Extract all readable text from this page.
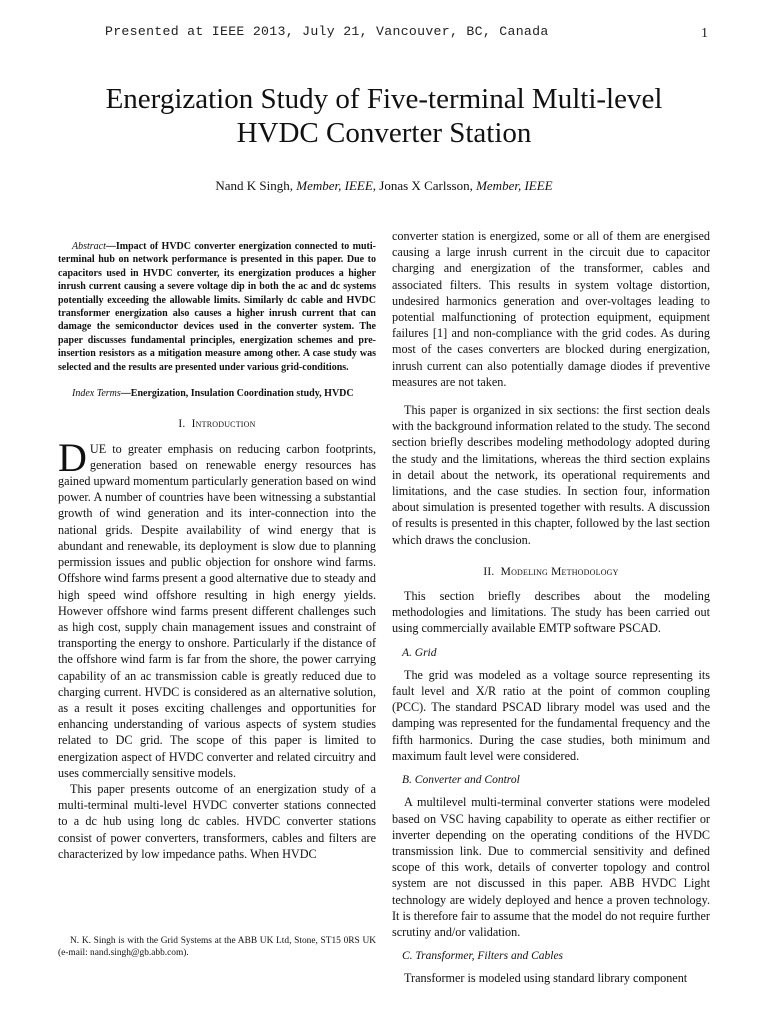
Presented at IEEE 2013, July 21, Vancouver, BC, Canada	1
Energization Study of Five-terminal Multi-level
HVDC Converter Station
Nand K Singh, Member, IEEE, Jonas X Carlsson, Member, IEEE

Abstract—Impact of HVDC converter energization connected to muti-terminal hub on network performance is presented in this paper. Due to capacitors used in HVDC converter, its energization produces a higher inrush current causing a severe voltage dip in both the ac and dc systems potentially exceeding the allowable limits. Similarly dc cable and HVDC transformer energization also causes a higher inrush current that can damage the semiconductor devices used in the converter system. The paper discusses fundamental principles, energization schemes and pre-insertion resistors as a mitigation measure among other. A case study was selected and the results are presented under various grid-conditions.

Index Terms—Energization, Insulation Coordination study, HVDC

I. Introduction

DUE to greater emphasis on reducing carbon footprints, generation based on renewable energy resources has gained upward momentum particularly generation based on wind power. A number of countries have been witnessing a substantial growth of wind generation and its inter-connection into the national grids. Despite availability of wind energy that is abundant and renewable, its deployment is slow due to planning permission issues and public objection for onshore wind farms. Offshore wind farms present a good alternative due to steady and high speed wind offshore resulting in high energy yields. However offshore wind farms present different challenges such as high cost, supply chain management issues and constraint of transporting the energy to onshore. Particularly if the distance of the offshore wind farm is far from the shore, the power carrying capability of an ac transmission cable is greatly reduced due to charging current. HVDC is considered as an alternative solution, as a result it poses exciting challenges and opportunities for enhancing understanding of various aspects of system studies related to DC grid. The scope of this paper is limited to energization aspect of HVDC converter and related circuitry and uses commercially sensitive models.

This paper presents outcome of an energization study of a multi-terminal multi-level HVDC converter stations connected to a dc hub using long dc cables. HVDC converter stations consist of power converters, transformers, cables and filters are characterized by low impedance paths. When HVDC

converter station is energized, some or all of them are energised causing a large inrush current in the circuit due to capacitor charging and energization of the transformer, cables and associated filters. This results in system voltage distortion, undesired harmonics generation and over-voltages leading to potential malfunctioning of protection equipment, equipment failures [1] and non-compliance with the grid codes. As during most of the cases converters are blocked during energization, inrush current can also potentially damage diodes if preventive measures are not taken.

This paper is organized in six sections: the first section deals with the background information related to the study. The second section briefly describes modeling methodology adopted during the study and the limitations, whereas the third section explains in detail about the network, its operational requirements and limitations, and the case studies. In section four, information about simulation is presented together with results. A discussion of results is presented in this chapter, followed by the last section which draws the conclusion.

II. Modeling Methodology

This section briefly describes about the modeling methodologies and limitations. The study has been carried out using commercially available EMTP software PSCAD.

A. Grid

The grid was modeled as a voltage source representing its fault level and X/R ratio at the point of common coupling (PCC). The standard PSCAD library model was used and the damping was represented for the fundamental frequency and the fifth harmonics. During the case studies, both minimum and maximum fault level were considered.

B. Converter and Control

A multilevel multi-terminal converter stations were modeled based on VSC having capability to operate as either rectifier or inverter depending on the operating conditions of the HVDC transmission link. Due to commercial sensitivity and defined scope of this work, details of converter topology and control system are not discussed in this paper. ABB HVDC Light technology are widely deployed and hence a proven technology. It is therefore fair to assume that the model do not require further scrutiny and/or validation.

C. Transformer, Filters and Cables

Transformer is modeled using standard library component

N. K. Singh is with the Grid Systems at the ABB UK Ltd, Stone, ST15 0RS UK (e-mail: nand.singh@gb.abb.com).
